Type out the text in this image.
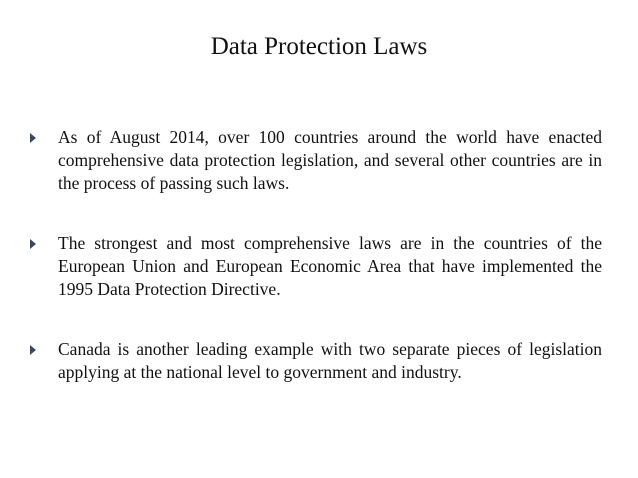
Data Protection Laws
As of August 2014, over 100 countries around the world have enacted comprehensive data protection legislation, and several other countries are in the process of passing such laws.
The strongest and most comprehensive laws are in the countries of the European Union and European Economic Area that have implemented the 1995 Data Protection Directive.
Canada is another leading example with two separate pieces of legislation applying at the national level to government and industry.
